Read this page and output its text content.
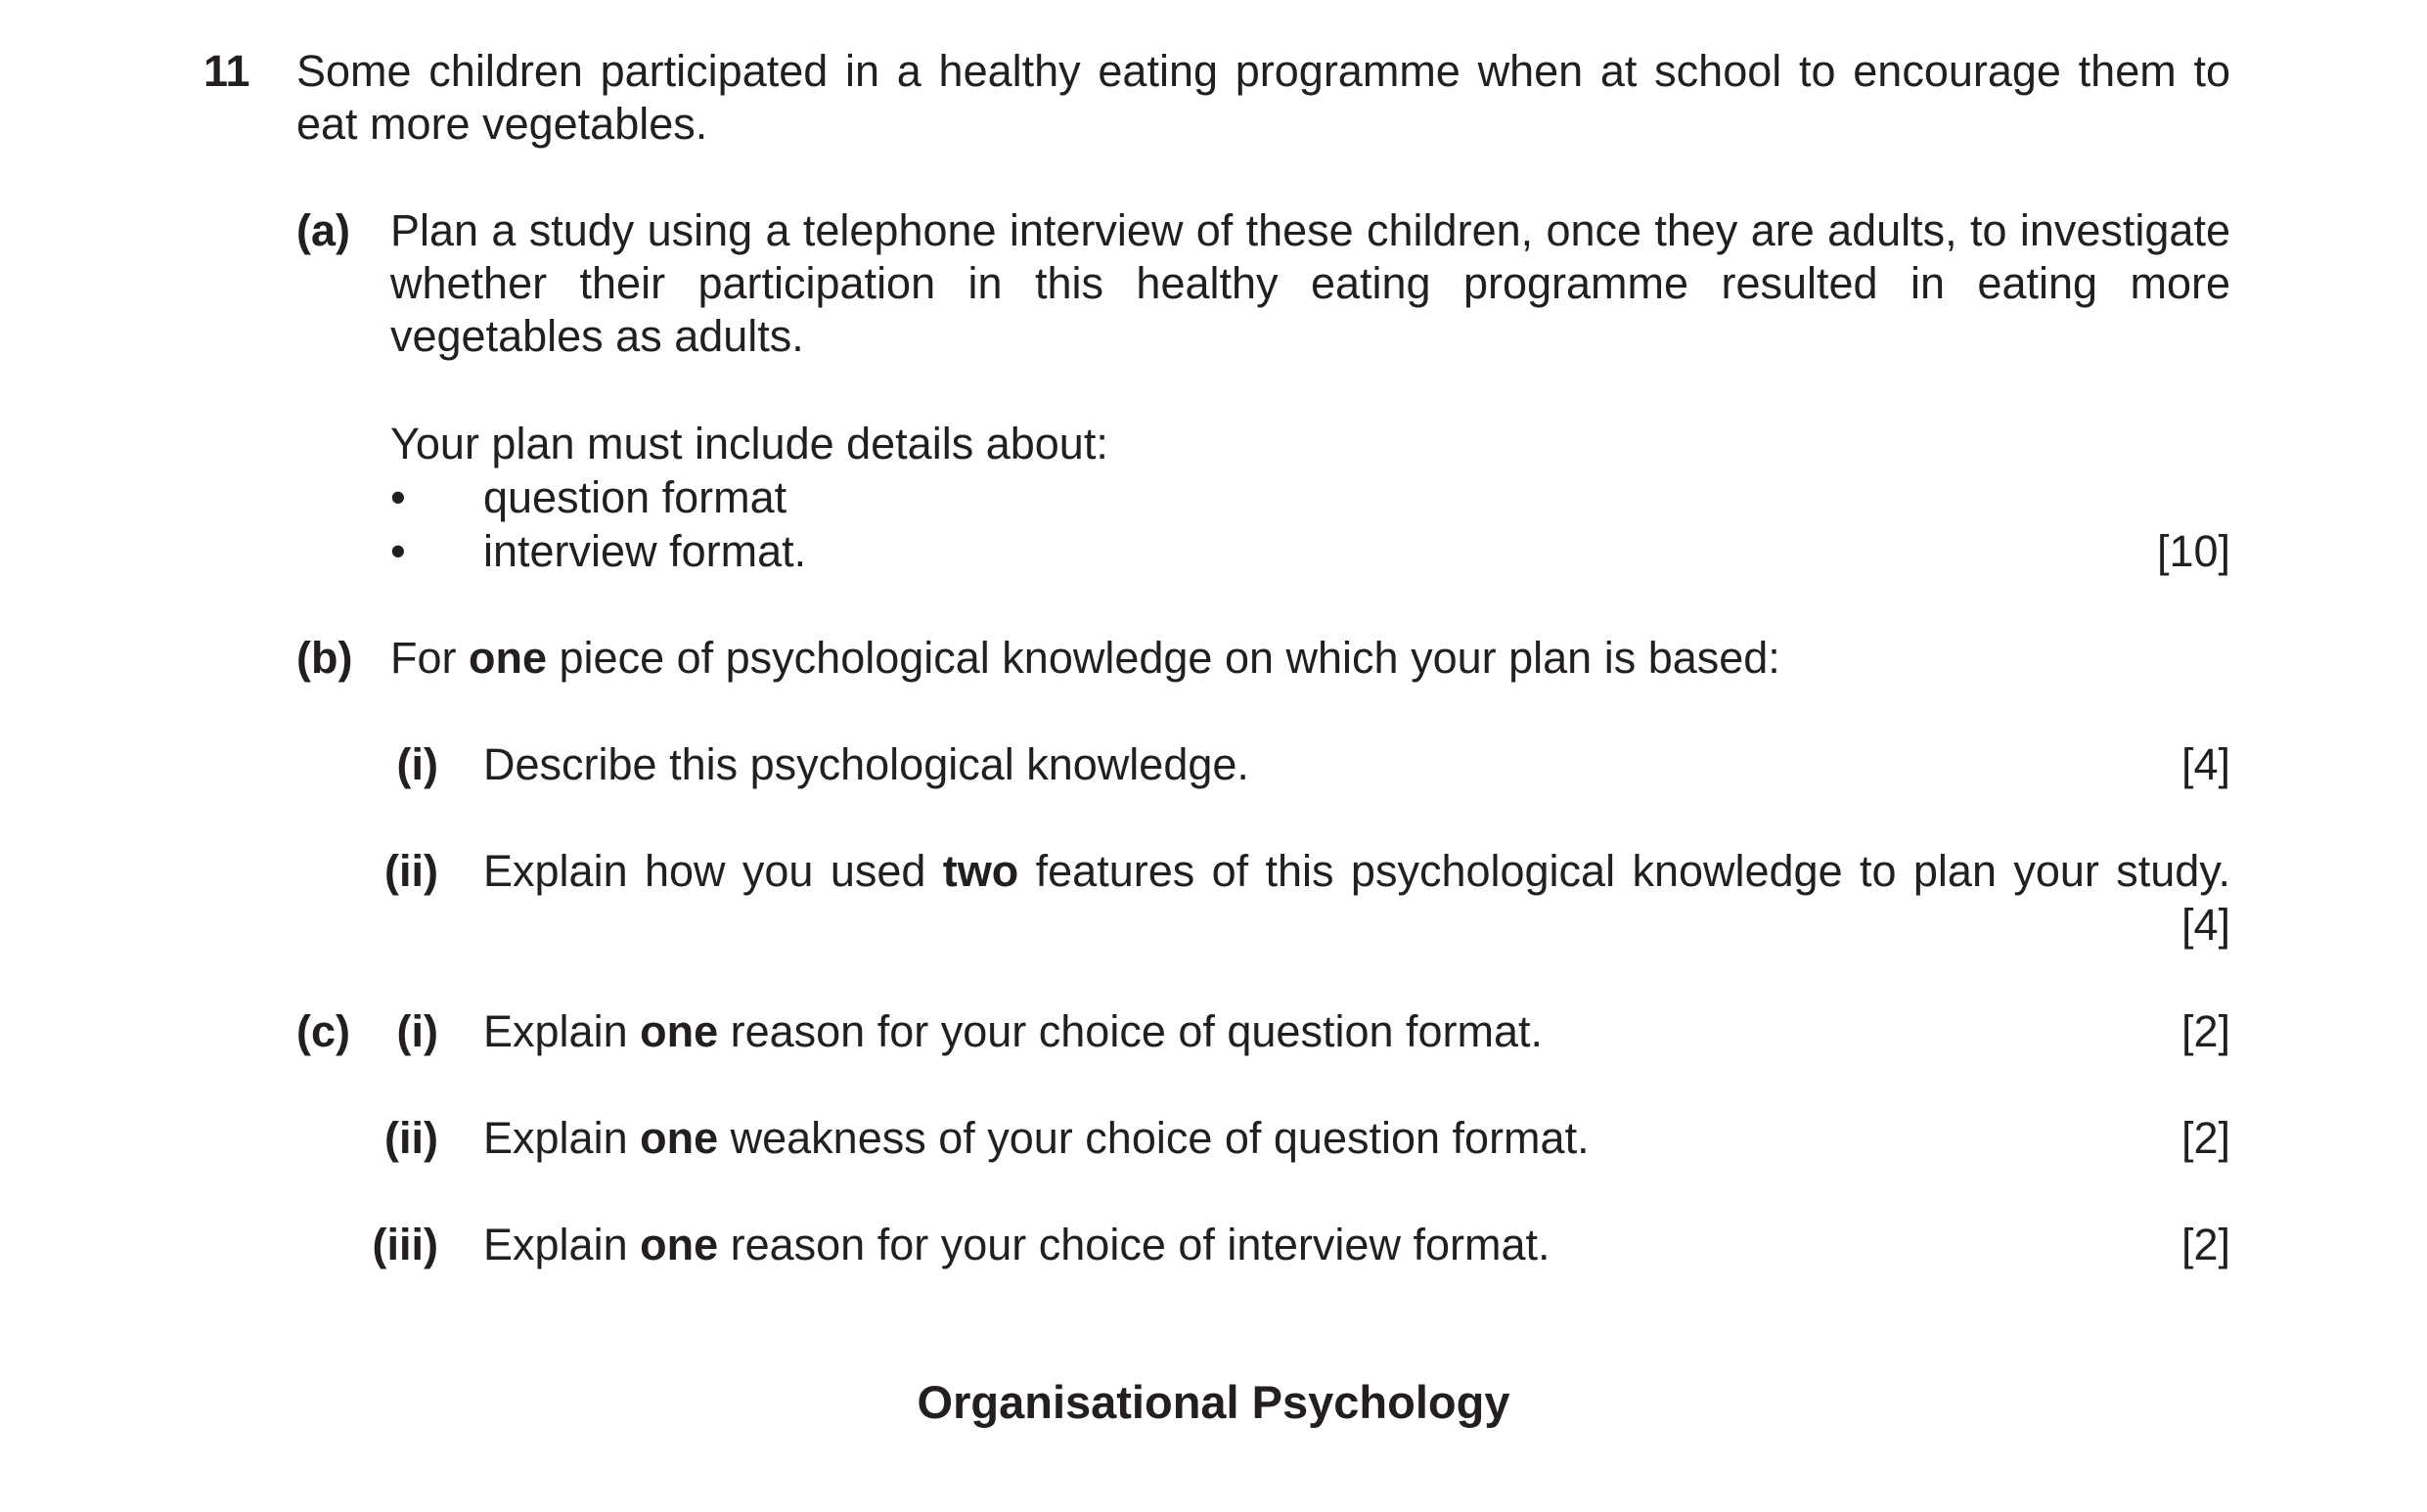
11 Some children participated in a healthy eating programme when at school to encourage them to eat more vegetables.
(a) Plan a study using a telephone interview of these children, once they are adults, to investigate whether their participation in this healthy eating programme resulted in eating more vegetables as adults.
Your plan must include details about:
• question format
• interview format.	[10]
(b) For one piece of psychological knowledge on which your plan is based:
(i) Describe this psychological knowledge.	[4]
(ii) Explain how you used two features of this psychological knowledge to plan your study.
[4]
(c) (i) Explain one reason for your choice of question format.	[2]
(ii) Explain one weakness of your choice of question format.	[2]
(iii) Explain one reason for your choice of interview format.	[2]
Organisational Psychology
